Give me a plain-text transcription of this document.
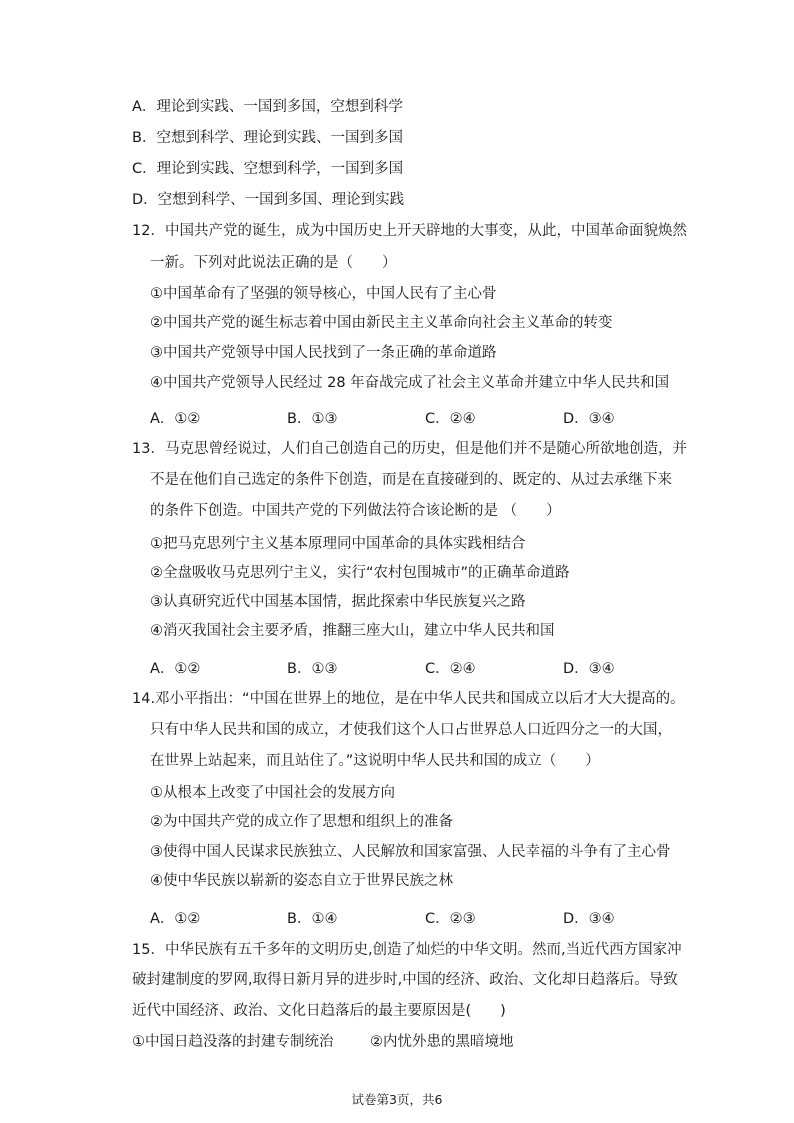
A．理论到实践、一国到多国，空想到科学
B．空想到科学、理论到实践、一国到多国
C．理论到实践、空想到科学，一国到多国
D．空想到科学、一国到多国、理论到实践
12．中国共产党的诞生，成为中国历史上开天辟地的大事变，从此，中国革命面貌焕然
一新。下列对此说法正确的是（　　）
①中国革命有了坚强的领导核心，中国人民有了主心骨
②中国共产党的诞生标志着中国由新民主主义革命向社会主义革命的转变
③中国共产党领导中国人民找到了一条正确的革命道路
④中国共产党领导人民经过 28 年奋战完成了社会主义革命并建立中华人民共和国
A．①②	B．①③	C．②④	D．③④
13．马克思曾经说过，人们自己创造自己的历史，但是他们并不是随心所欲地创造，并
不是在他们自己选定的条件下创造，而是在直接碰到的、既定的、从过去承继下来
的条件下创造。中国共产党的下列做法符合该论断的是 （　　）
①把马克思列宁主义基本原理同中国革命的具体实践相结合
②全盘吸收马克思列宁主义，实行“农村包围城市”的正确革命道路
③认真研究近代中国基本国情，据此探索中华民族复兴之路
④消灭我国社会主要矛盾，推翻三座大山，建立中华人民共和国
A．①②	B．①③	C．②④	D．③④
14.邓小平指出：“中国在世界上的地位，是在中华人民共和国成立以后才大大提高的。
只有中华人民共和国的成立，才使我们这个人口占世界总人口近四分之一的大国，
在世界上站起来，而且站住了。”这说明中华人民共和国的成立（　　）
①从根本上改变了中国社会的发展方向
②为中国共产党的成立作了思想和组织上的准备
③使得中国人民谋求民族独立、人民解放和国家富强、人民幸福的斗争有了主心骨
④使中华民族以崭新的姿态自立于世界民族之林
A．①②	B．①④	C．②③	D．③④
15．中华民族有五千多年的文明历史,创造了灿烂的中华文明。然而,当近代西方国家冲
破封建制度的罗网,取得日新月异的进步时,中国的经济、政治、文化却日趋落后。导致
近代中国经济、政治、文化日趋落后的最主要原因是(　　)
①中国日趋没落的封建专制统治	②内忧外患的黑暗境地
试卷第3页，共6
